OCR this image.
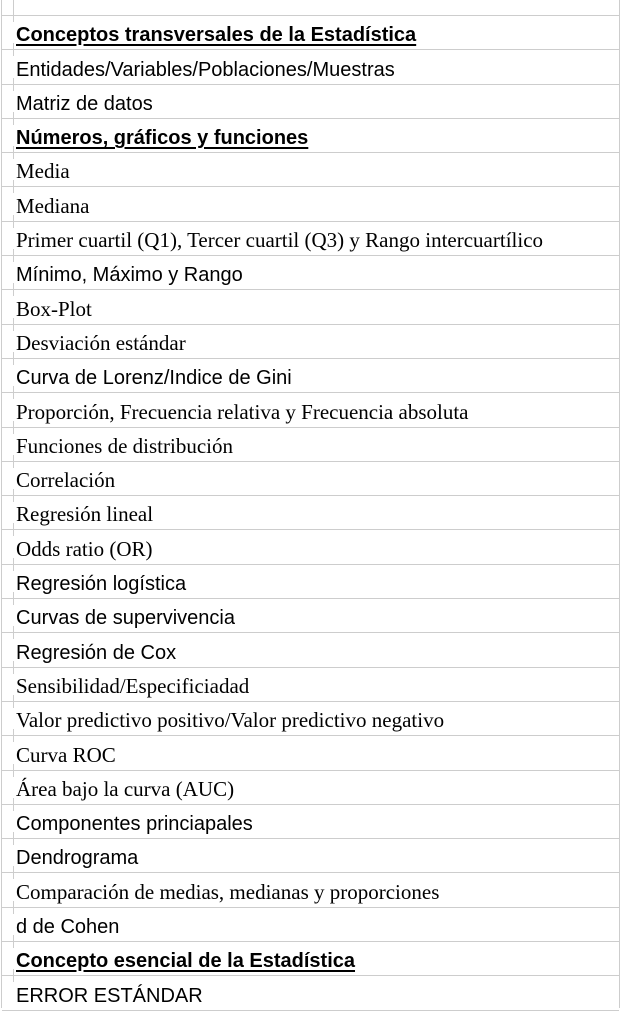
Conceptos transversales de la Estadística
Entidades/Variables/Poblaciones/Muestras
Matriz de datos
Números, gráficos y funciones
Media
Mediana
Primer cuartil (Q1), Tercer cuartil (Q3) y Rango intercuartílico
Mínimo, Máximo y Rango
Box-Plot
Desviación estándar
Curva de Lorenz/Indice de Gini
Proporción, Frecuencia relativa y Frecuencia absoluta
Funciones de distribución
Correlación
Regresión lineal
Odds ratio (OR)
Regresión logística
Curvas de supervivencia
Regresión de Cox
Sensibilidad/Especificiadad
Valor predictivo positivo/Valor predictivo negativo
Curva ROC
Área bajo la curva (AUC)
Componentes princiapales
Dendrograma
Comparación de medias, medianas y proporciones
d de Cohen
Concepto esencial de la Estadística
ERROR ESTÁNDAR
